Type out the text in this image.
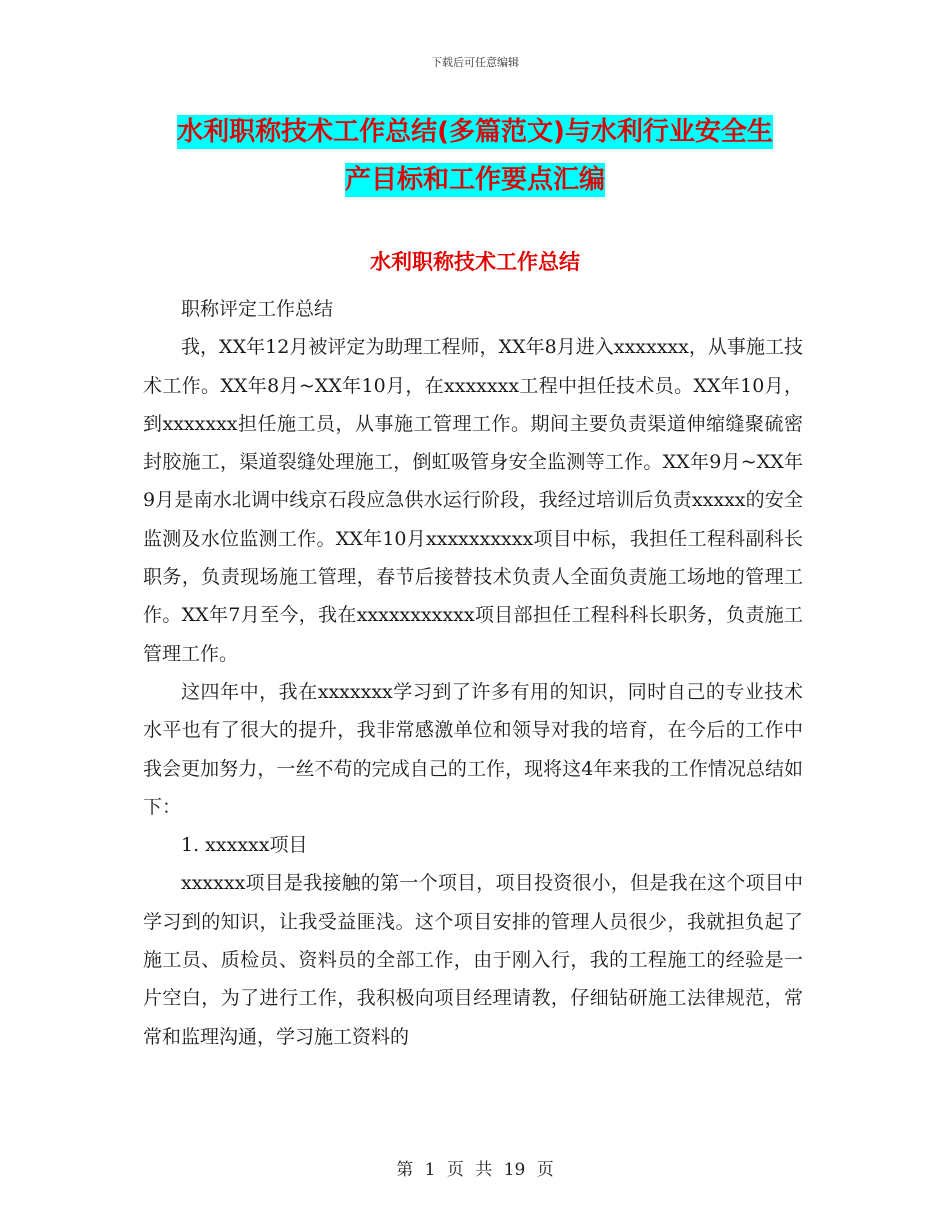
下载后可任意编辑
水利职称技术工作总结(多篇范文)与水利行业安全生
产目标和工作要点汇编
水利职称技术工作总结

职称评定工作总结

我，XX年12月被评定为助理工程师，XX年8月进入xxxxxxx，从事施工技术工作。XX年8月~XX年10月，在xxxxxxx工程中担任技术员。XX年10月，到xxxxxxx担任施工员，从事施工管理工作。期间主要负责渠道伸缩缝聚硫密封胶施工，渠道裂缝处理施工，倒虹吸管身安全监测等工作。XX年9月~XX年9月是南水北调中线京石段应急供水运行阶段，我经过培训后负责xxxxx的安全监测及水位监测工作。XX年10月xxxxxxxxxx项目中标，我担任工程科副科长职务，负责现场施工管理，春节后接替技术负责人全面负责施工场地的管理工作。XX年7月至今，我在xxxxxxxxxxx项目部担任工程科科长职务，负责施工管理工作。

这四年中，我在xxxxxxx学习到了许多有用的知识，同时自己的专业技术水平也有了很大的提升，我非常感激单位和领导对我的培育，在今后的工作中我会更加努力，一丝不苟的完成自己的工作，现将这4年来我的工作情况总结如下：

1. xxxxxx项目

xxxxxx项目是我接触的第一个项目，项目投资很小，但是我在这个项目中学习到的知识，让我受益匪浅。这个项目安排的管理人员很少，我就担负起了施工员、质检员、资料员的全部工作，由于刚入行，我的工程施工的经验是一片空白，为了进行工作，我积极向项目经理请教，仔细钻研施工法律规范，常常和监理沟通，学习施工资料的

第 1 页 共 19 页
